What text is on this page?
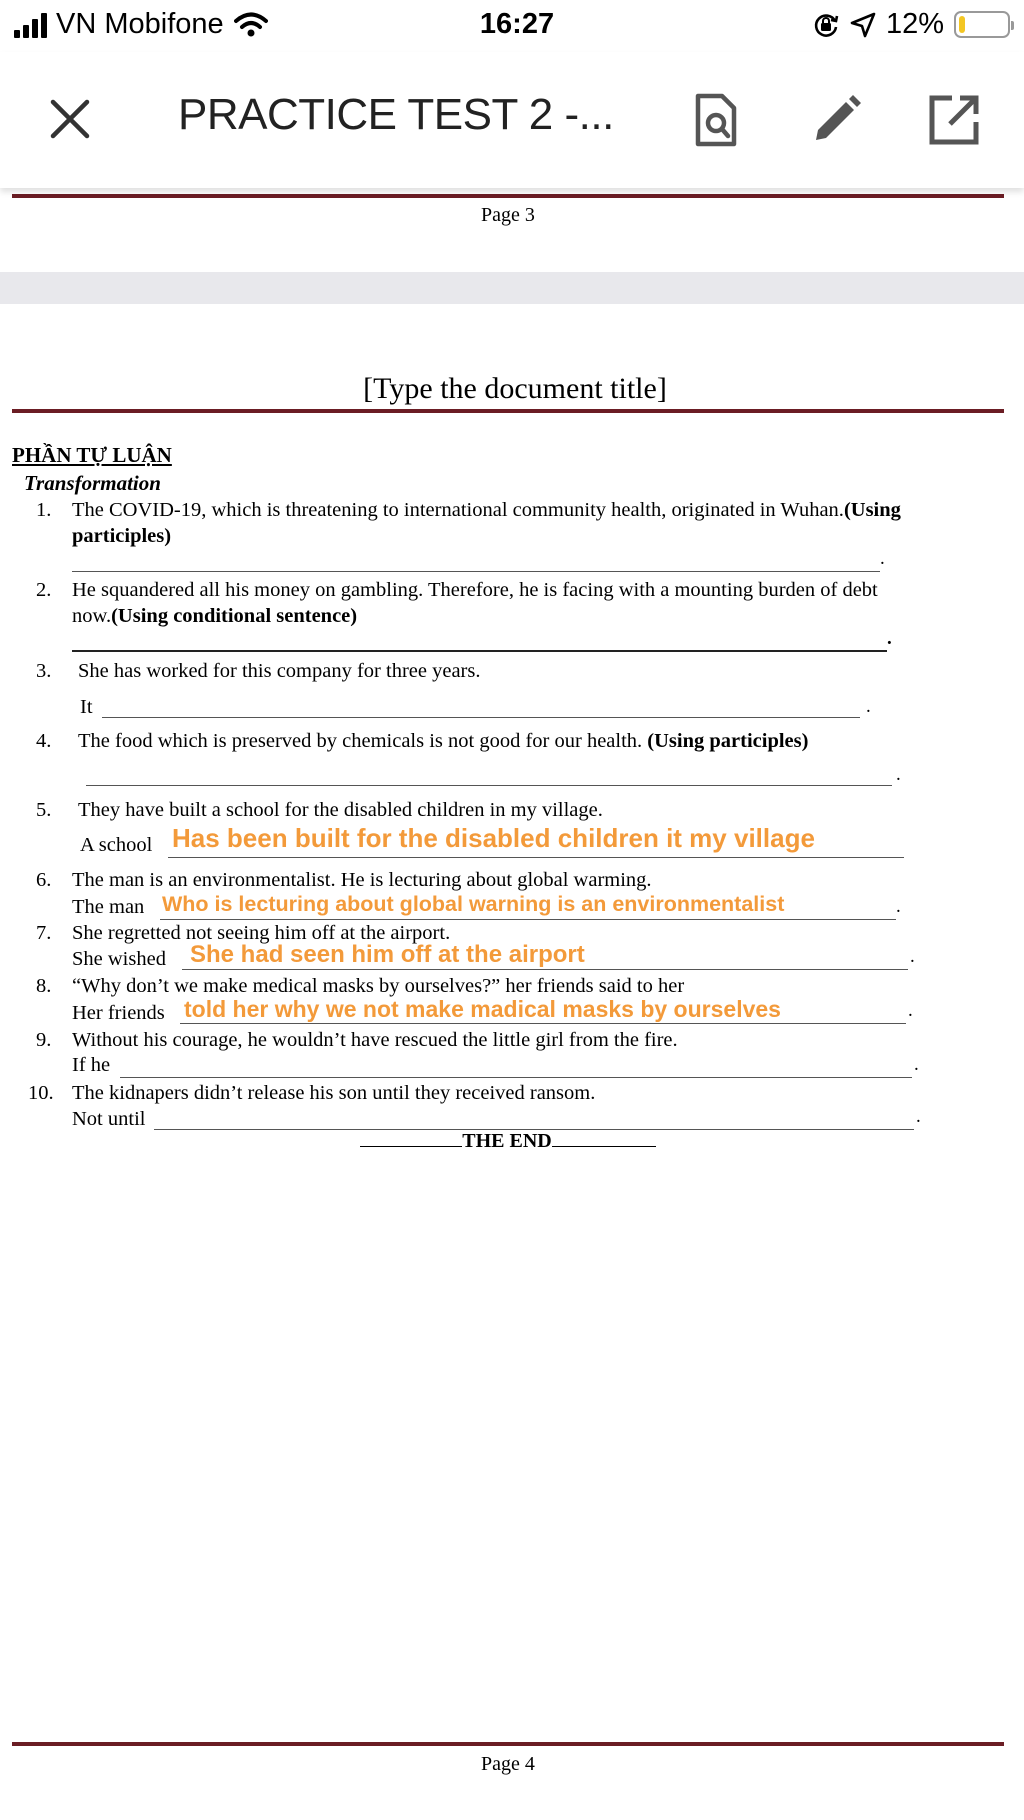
VN Mobifone	16:27	12%
PRACTICE TEST 2 -...
Page 3
[Type the document title]
PHẦN TỰ LUẬN
Transformation
1. The COVID-19, which is threatening to international community health, originated in Wuhan.(Using
participles)
.
2. He squandered all his money on gambling. Therefore, he is facing with a mounting burden of debt
now.(Using conditional sentence)
.
3. She has worked for this company for three years.
It	.
4. The food which is preserved by chemicals is not good for our health. (Using participles)
.
5. They have built a school for the disabled children in my village.
A school Has been built for the disabled children it my village
6. The man is an environmentalist. He is lecturing about global warming.
The man	.
Who is lecturing about global warning is an environmentalist
7. She regretted not seeing him off at the airport.
She wished	.
She had seen him off at the airport
8. “Why don’t we make medical masks by ourselves?” her friends said to her
Her friends	.
told her why we not make madical masks by ourselves
9. Without his courage, he wouldn’t have rescued the little girl from the fire.
If he	.
10. The kidnapers didn’t release his son until they received ransom.
Not until	.
THE END
Page 4
